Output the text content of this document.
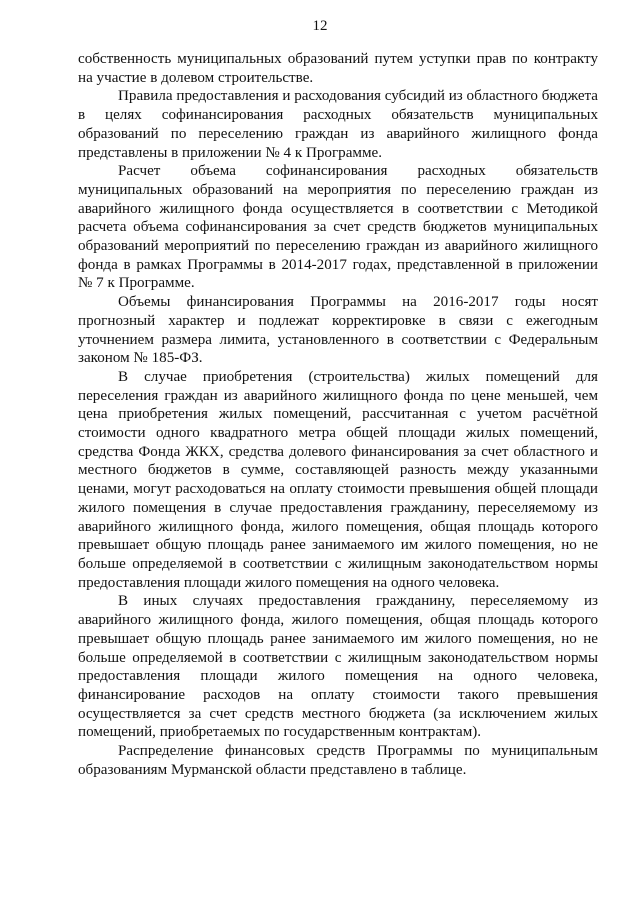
12

собственность муниципальных образований путем уступки прав по контракту на участие в долевом строительстве.

Правила предоставления и расходования субсидий из областного бюджета в целях софинансирования расходных обязательств муниципальных образований по переселению граждан из аварийного жилищного фонда представлены в приложении № 4 к Программе.

Расчет объема софинансирования расходных обязательств муниципальных образований на мероприятия по переселению граждан из аварийного жилищного фонда осуществляется в соответствии с Методикой расчета объема софинансирования за счет средств бюджетов муниципальных образований мероприятий по переселению граждан из аварийного жилищного фонда в рамках Программы в 2014-2017 годах, представленной в приложении № 7 к Программе.

Объемы финансирования Программы на 2016-2017 годы носят прогнозный характер и подлежат корректировке в связи с ежегодным уточнением размера лимита, установленного в соответствии с Федеральным законом № 185-ФЗ.

В случае приобретения (строительства) жилых помещений для переселения граждан из аварийного жилищного фонда по цене меньшей, чем цена приобретения жилых помещений, рассчитанная с учетом расчётной стоимости одного квадратного метра общей площади жилых помещений, средства Фонда ЖКХ, средства долевого финансирования за счет областного и местного бюджетов в сумме, составляющей разность между указанными ценами, могут расходоваться на оплату стоимости превышения общей площади жилого помещения в случае предоставления гражданину, переселяемому из аварийного жилищного фонда, жилого помещения, общая площадь которого превышает общую площадь ранее занимаемого им жилого помещения, но не больше определяемой в соответствии с жилищным законодательством нормы предоставления площади жилого помещения на одного человека.

В иных случаях предоставления гражданину, переселяемому из аварийного жилищного фонда, жилого помещения, общая площадь которого превышает общую площадь ранее занимаемого им жилого помещения, но не больше определяемой в соответствии с жилищным законодательством нормы предоставления площади жилого помещения на одного человека, финансирование расходов на оплату стоимости такого превышения осуществляется за счет средств местного бюджета (за исключением жилых помещений, приобретаемых по государственным контрактам).

Распределение финансовых средств Программы по муниципальным образованиям Мурманской области представлено в таблице.
